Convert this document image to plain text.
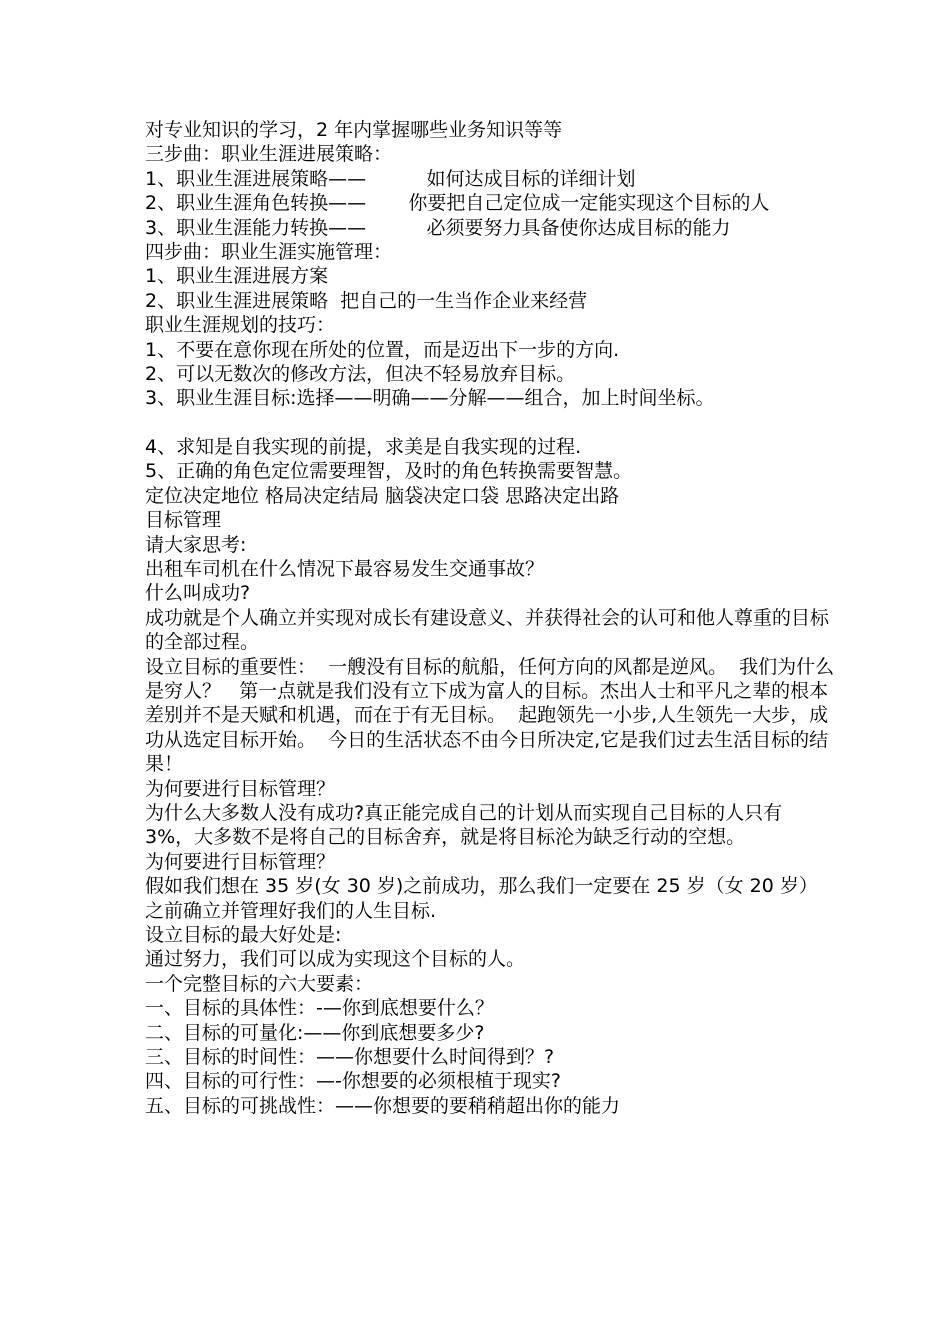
对专业知识的学习，2 年内掌握哪些业务知识等等
三步曲：职业生涯进展策略：
1、职业生涯进展策略——          如何达成目标的详细计划
2、职业生涯角色转换——       你要把自己定位成一定能实现这个目标的人
3、职业生涯能力转换——          必须要努力具备使你达成目标的能力
四步曲：职业生涯实施管理：
1、职业生涯进展方案
2、职业生涯进展策略  把自己的一生当作企业来经营
职业生涯规划的技巧：
1、不要在意你现在所处的位置，而是迈出下一步的方向.
2、可以无数次的修改方法，但决不轻易放弃目标。
3、职业生涯目标:选择——明确——分解——组合，加上时间坐标。
4、求知是自我实现的前提，求美是自我实现的过程.
5、正确的角色定位需要理智，及时的角色转换需要智慧。
定位决定地位 格局决定结局 脑袋决定口袋 思路决定出路
目标管理
请大家思考:
出租车司机在什么情况下最容易发生交通事故？
什么叫成功?
成功就是个人确立并实现对成长有建设意义、并获得社会的认可和他人尊重的目标的全部过程。
设立目标的重要性：  一艘没有目标的航船，任何方向的风都是逆风。  我们为什么是穷人？   第一点就是我们没有立下成为富人的目标。杰出人士和平凡之辈的根本差别并不是天赋和机遇，而在于有无目标。  起跑领先一小步,人生领先一大步，成功从选定目标开始。  今日的生活状态不由今日所决定,它是我们过去生活目标的结果！
为何要进行目标管理？
为什么大多数人没有成功?真正能完成自己的计划从而实现自己目标的人只有 3%，大多数不是将自己的目标舍弃，就是将目标沦为缺乏行动的空想。
为何要进行目标管理？
假如我们想在 35 岁(女 30 岁)之前成功，那么我们一定要在 25 岁（女 20 岁）之前确立并管理好我们的人生目标.
设立目标的最大好处是:
通过努力，我们可以成为实现这个目标的人。
一个完整目标的六大要素：
一、目标的具体性：-—你到底想要什么？
二、目标的可量化:——你到底想要多少?
三、目标的时间性：——你想要什么时间得到？?
四、目标的可行性：—-你想要的必须根植于现实?
五、目标的可挑战性：——你想要的要稍稍超出你的能力
